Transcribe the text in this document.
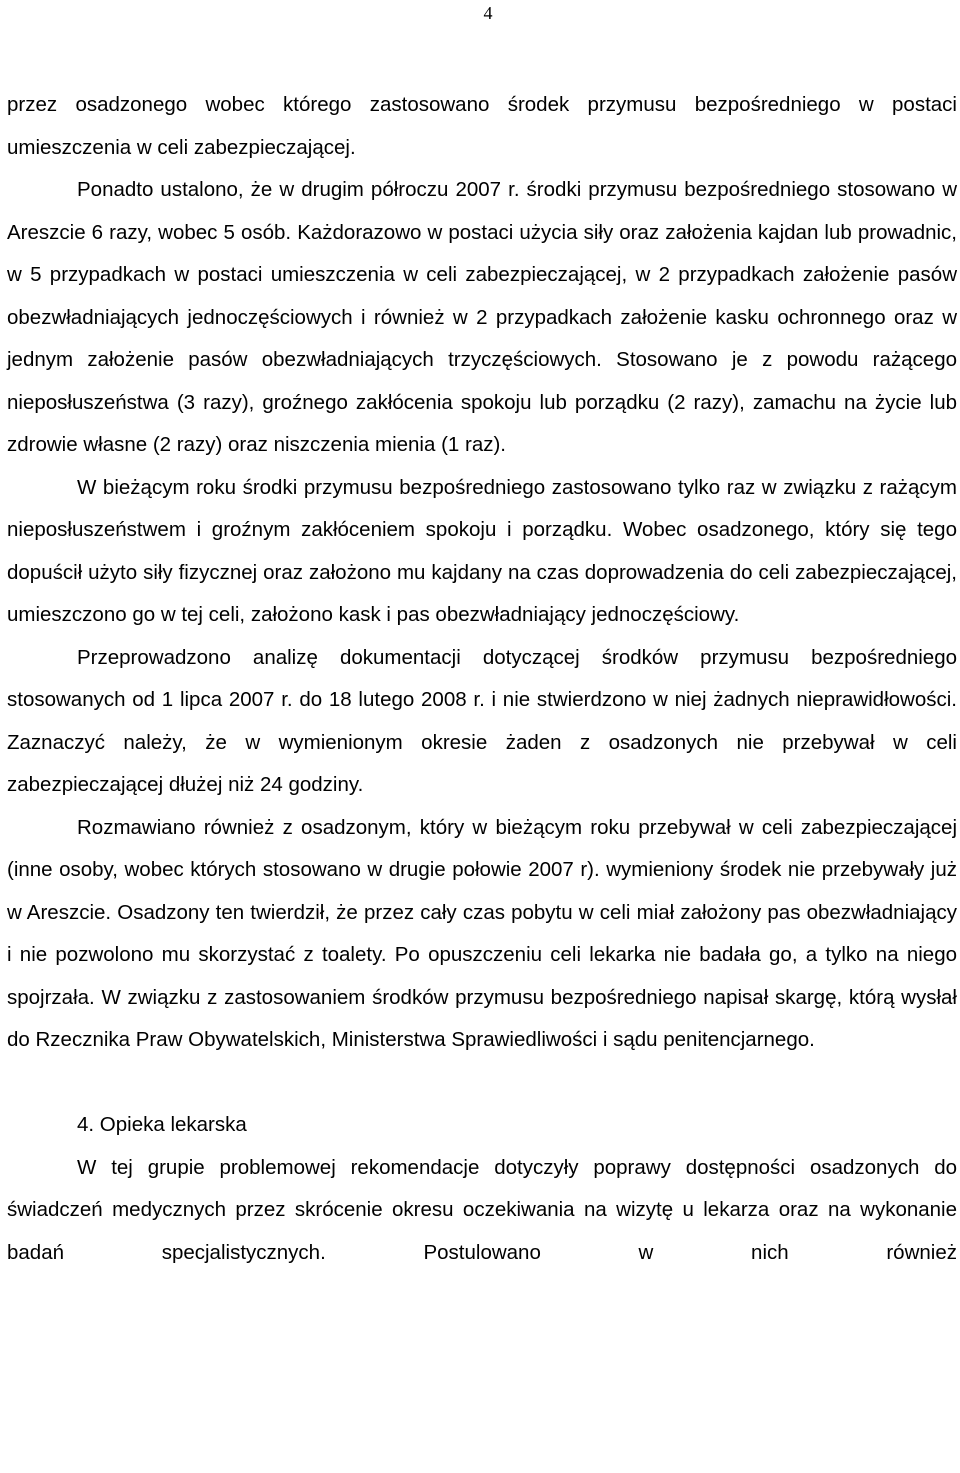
4

przez osadzonego wobec którego zastosowano środek przymusu bezpośredniego w postaci umieszczenia w celi zabezpieczającej.

Ponadto ustalono, że w drugim półroczu 2007 r. środki przymusu bezpośredniego stosowano w Areszcie 6 razy, wobec 5 osób. Każdorazowo w postaci użycia siły oraz założenia kajdan lub prowadnic, w 5 przypadkach w postaci umieszczenia w celi zabezpieczającej, w 2 przypadkach założenie pasów obezwładniających jednoczęściowych i również w 2 przypadkach założenie kasku ochronnego oraz w jednym założenie pasów obezwładniających trzyczęściowych. Stosowano je z powodu rażącego nieposłuszeństwa (3 razy), groźnego zakłócenia spokoju lub porządku (2 razy), zamachu na życie lub zdrowie własne (2 razy) oraz niszczenia mienia (1 raz).

W bieżącym roku środki przymusu bezpośredniego zastosowano tylko raz w związku z rażącym nieposłuszeństwem i groźnym zakłóceniem spokoju i porządku. Wobec osadzonego, który się tego dopuścił użyto siły fizycznej oraz założono mu kajdany na czas doprowadzenia do celi zabezpieczającej, umieszczono go w tej celi, założono kask i pas obezwładniający jednoczęściowy.

Przeprowadzono analizę dokumentacji dotyczącej środków przymusu bezpośredniego stosowanych od 1 lipca 2007 r. do 18 lutego 2008 r. i nie stwierdzono w niej żadnych nieprawidłowości. Zaznaczyć należy, że w wymienionym okresie żaden z osadzonych nie przebywał w celi zabezpieczającej dłużej niż 24 godziny.

Rozmawiano również z osadzonym, który w bieżącym roku przebywał w celi zabezpieczającej (inne osoby, wobec których stosowano w drugie połowie 2007 r). wymieniony środek nie przebywały już w Areszcie. Osadzony ten twierdził, że przez cały czas pobytu w celi miał założony pas obezwładniający i nie pozwolono mu skorzystać z toalety. Po opuszczeniu celi lekarka nie badała go, a tylko na niego spojrzała. W związku z zastosowaniem środków przymusu bezpośredniego napisał skargę, którą wysłał do Rzecznika Praw Obywatelskich, Ministerstwa Sprawiedliwości i sądu penitencjarnego.

4. Opieka lekarska

W tej grupie problemowej rekomendacje dotyczyły poprawy dostępności osadzonych do świadczeń medycznych przez skrócenie okresu oczekiwania na wizytę u lekarza oraz na wykonanie badań specjalistycznych. Postulowano w nich również
